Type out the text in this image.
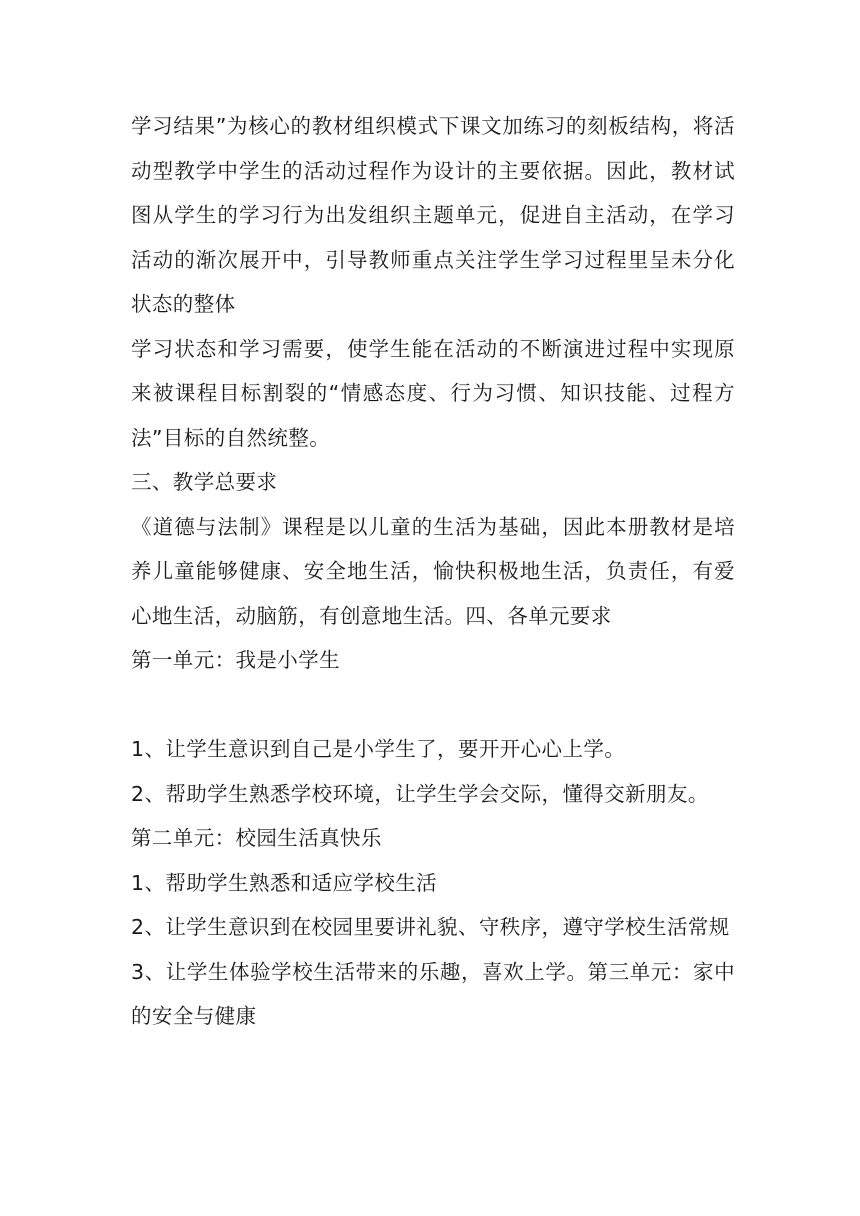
学习结果”为核心的教材组织模式下课文加练习的刻板结构，将活动型教学中学生的活动过程作为设计的主要依据。因此，教材试图从学生的学习行为出发组织主题单元，促进自主活动，在学习活动的渐次展开中，引导教师重点关注学生学习过程里呈未分化状态的整体

学习状态和学习需要，使学生能在活动的不断演进过程中实现原来被课程目标割裂的“情感态度、行为习惯、知识技能、过程方法”目标的自然统整。

三、教学总要求

《道德与法制》课程是以儿童的生活为基础，因此本册教材是培养儿童能够健康、安全地生活，愉快积极地生活，负责任，有爱心地生活，动脑筋，有创意地生活。四、各单元要求

第一单元：我是小学生

1、让学生意识到自己是小学生了，要开开心心上学。

2、帮助学生熟悉学校环境，让学生学会交际，懂得交新朋友。

第二单元：校园生活真快乐

1、帮助学生熟悉和适应学校生活

2、让学生意识到在校园里要讲礼貌、守秩序，遵守学校生活常规

3、让学生体验学校生活带来的乐趣，喜欢上学。第三单元：家中的安全与健康
